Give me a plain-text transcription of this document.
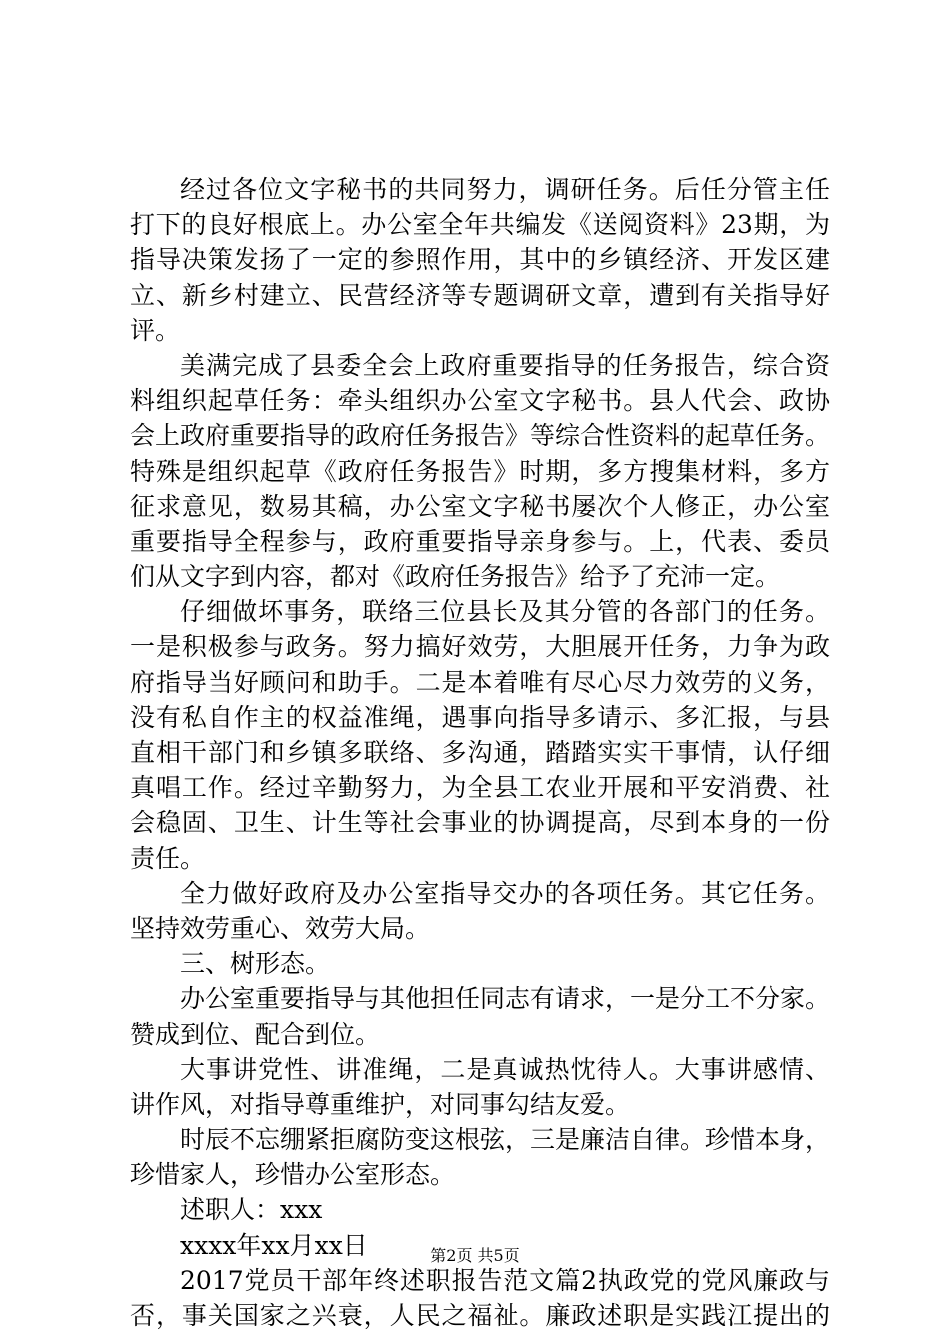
经过各位文字秘书的共同努力，调研任务。后任分管主任
打下的良好根底上。办公室全年共编发《送阅资料》23期，为
指导决策发扬了一定的参照作用，其中的乡镇经济、开发区建
立、新乡村建立、民营经济等专题调研文章，遭到有关指导好
评。
美满完成了县委全会上政府重要指导的任务报告，综合资
料组织起草任务：牵头组织办公室文字秘书。县人代会、政协
会上政府重要指导的政府任务报告》等综合性资料的起草任务。
特殊是组织起草《政府任务报告》时期，多方搜集材料，多方
征求意见，数易其稿，办公室文字秘书屡次个人修正，办公室
重要指导全程参与，政府重要指导亲身参与。上，代表、委员
们从文字到内容，都对《政府任务报告》给予了充沛一定。
仔细做坏事务，联络三位县长及其分管的各部门的任务。
一是积极参与政务。努力搞好效劳，大胆展开任务，力争为政
府指导当好顾问和助手。二是本着唯有尽心尽力效劳的义务，
没有私自作主的权益准绳，遇事向指导多请示、多汇报，与县
直相干部门和乡镇多联络、多沟通，踏踏实实干事情，认仔细
真唱工作。经过辛勤努力，为全县工农业开展和平安消费、社
会稳固、卫生、计生等社会事业的协调提高，尽到本身的一份
责任。
全力做好政府及办公室指导交办的各项任务。其它任务。
坚持效劳重心、效劳大局。
三、树形态。
办公室重要指导与其他担任同志有请求，一是分工不分家。
赞成到位、配合到位。
大事讲党性、讲准绳，二是真诚热忱待人。大事讲感情、
讲作风，对指导尊重维护，对同事勾结友爱。
时辰不忘绷紧拒腐防变这根弦，三是廉洁自律。珍惜本身，
珍惜家人，珍惜办公室形态。
述职人：xxx
xxxx年xx月xx日
2017党员干部年终述职报告范文篇2执政党的党风廉政与
否，事关国家之兴衰，人民之福祉。廉政述职是实践江提出的
第2页 共5页
